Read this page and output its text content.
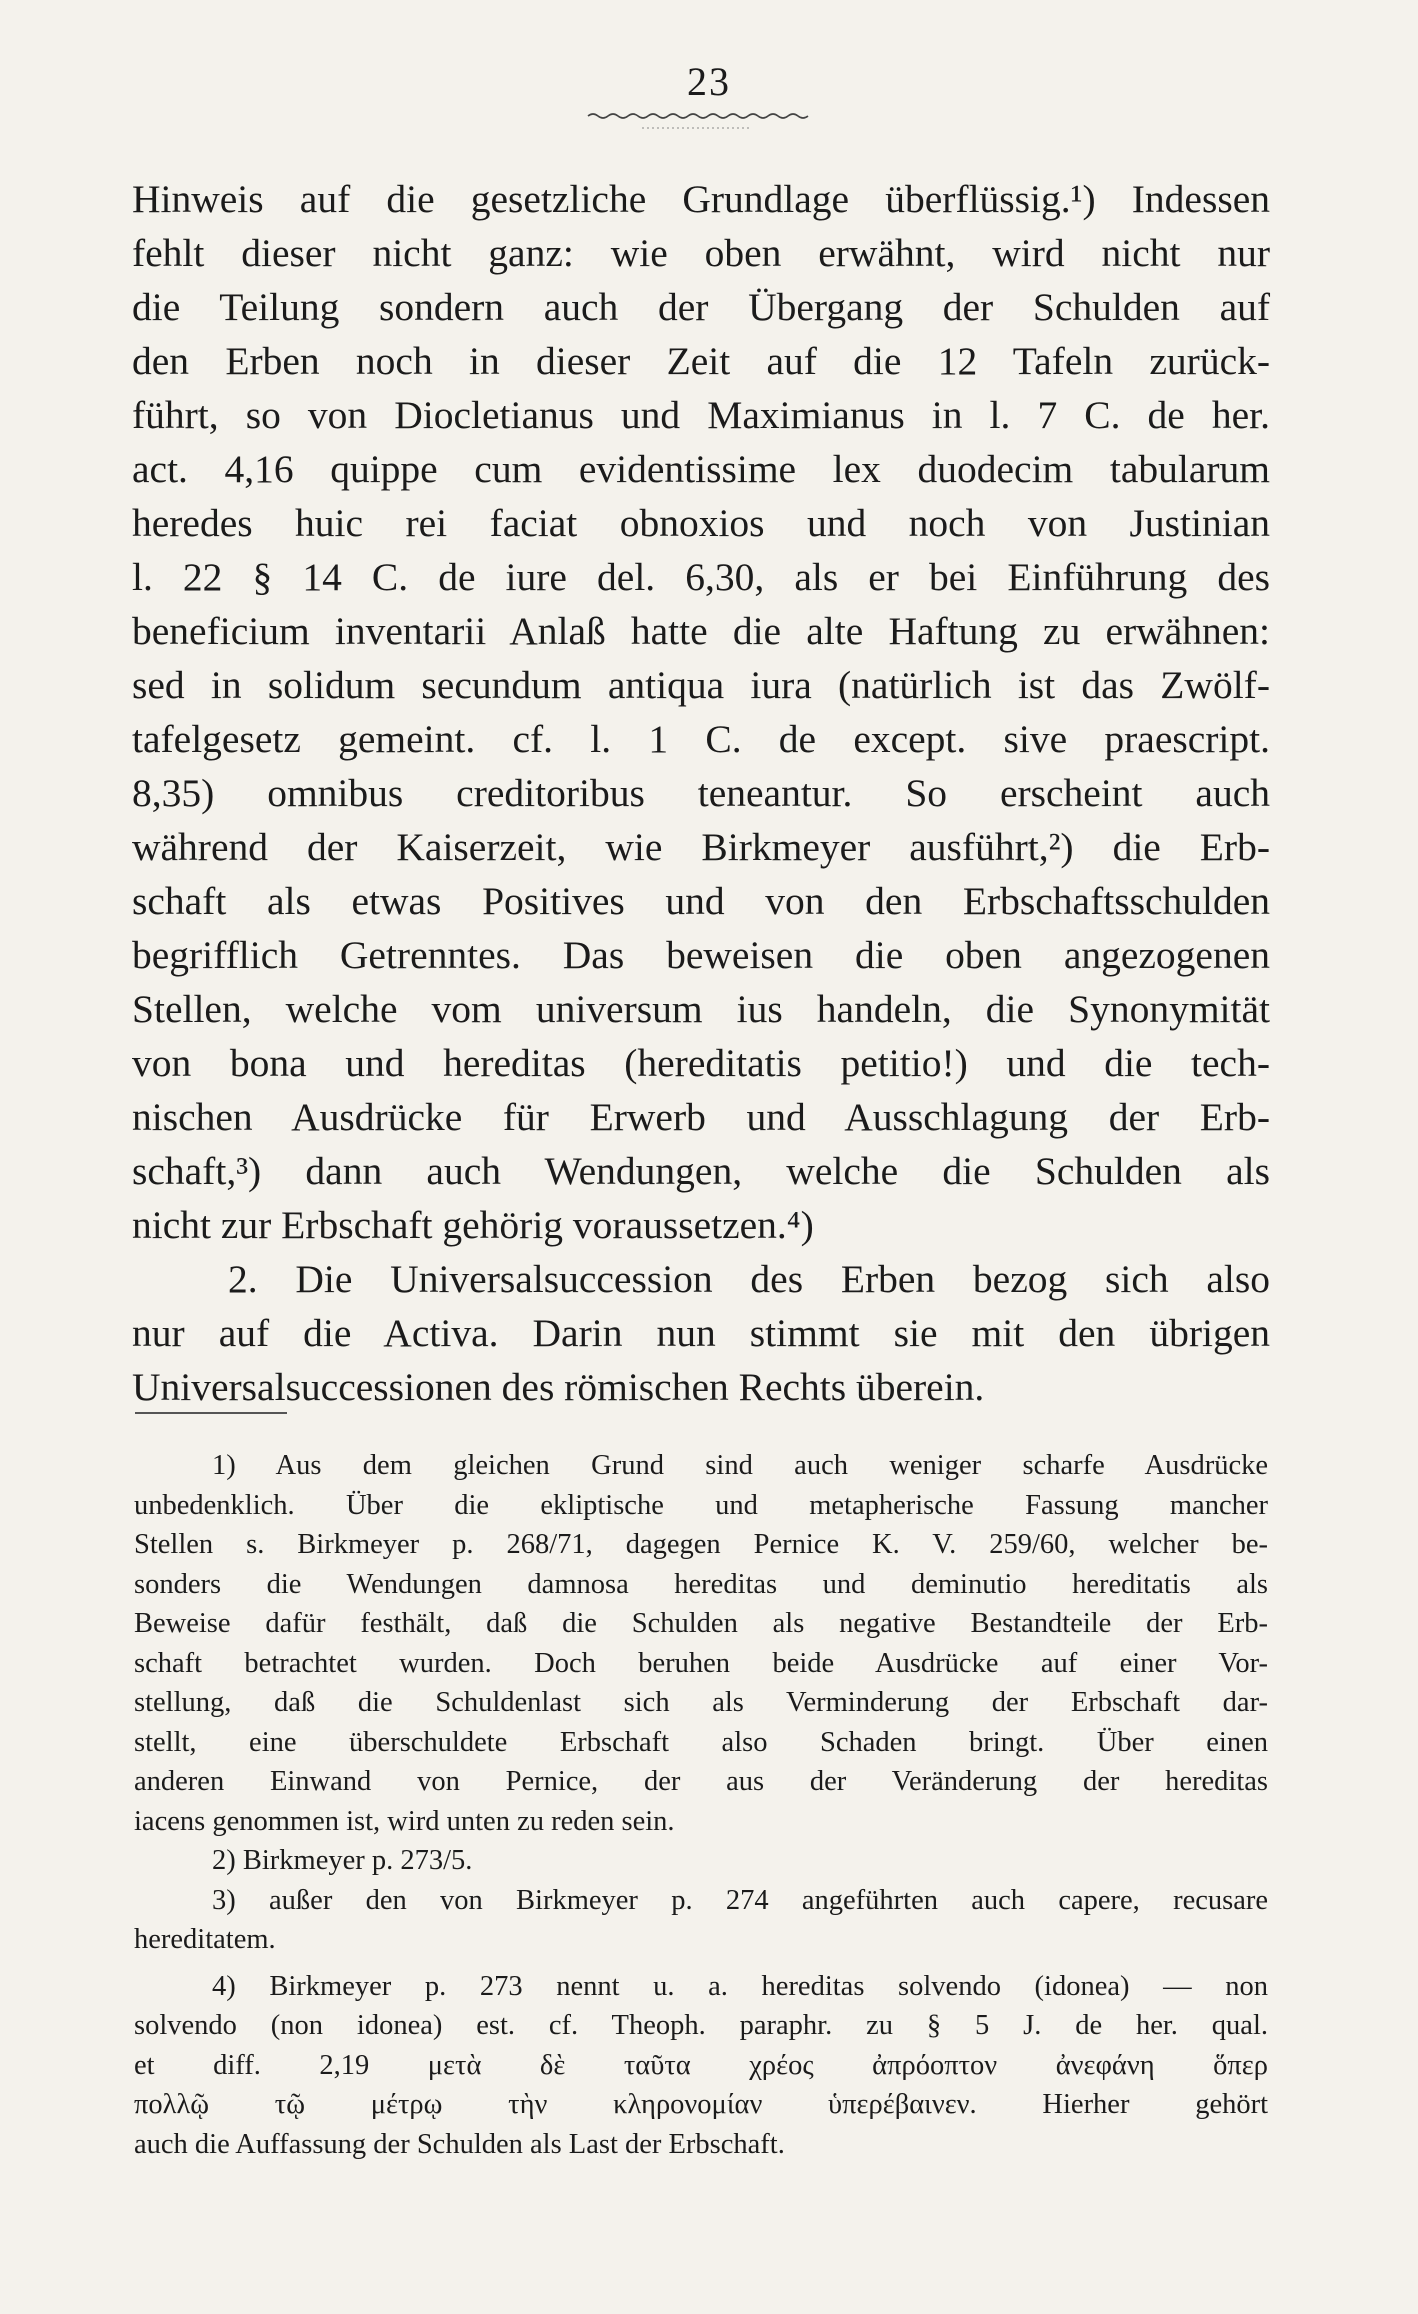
23

Hinweis auf die gesetzliche Grundlage überflüssig.¹) Indessen

fehlt dieser nicht ganz: wie oben erwähnt, wird nicht nur

die Teilung sondern auch der Übergang der Schulden auf

den Erben noch in dieser Zeit auf die 12 Tafeln zurück-

führt, so von Diocletianus und Maximianus in l. 7 C. de her.

act. 4,16 quippe cum evidentissime lex duodecim tabularum

heredes huic rei faciat obnoxios und noch von Justinian

l. 22 § 14 C. de iure del. 6,30, als er bei Einführung des

beneficium inventarii Anlaß hatte die alte Haftung zu erwähnen:

sed in solidum secundum antiqua iura (natürlich ist das Zwölf-

tafelgesetz gemeint. cf. l. 1 C. de except. sive praescript.

8,35) omnibus creditoribus teneantur. So erscheint auch

während der Kaiserzeit, wie Birkmeyer ausführt,²) die Erb-

schaft als etwas Positives und von den Erbschaftsschulden

begrifflich Getrenntes. Das beweisen die oben angezogenen

Stellen, welche vom universum ius handeln, die Synonymität

von bona und hereditas (hereditatis petitio!) und die tech-

nischen Ausdrücke für Erwerb und Ausschlagung der Erb-

schaft,³) dann auch Wendungen, welche die Schulden als

nicht zur Erbschaft gehörig voraussetzen.⁴)

2. Die Universalsuccession des Erben bezog sich also

nur auf die Activa. Darin nun stimmt sie mit den übrigen

Universalsuccessionen des römischen Rechts überein.

1) Aus dem gleichen Grund sind auch weniger scharfe Ausdrücke

unbedenklich. Über die ekliptische und metapherische Fassung mancher

Stellen s. Birkmeyer p. 268/71, dagegen Pernice K. V. 259/60, welcher be-

sonders die Wendungen damnosa hereditas und deminutio hereditatis als

Beweise dafür festhält, daß die Schulden als negative Bestandteile der Erb-

schaft betrachtet wurden. Doch beruhen beide Ausdrücke auf einer Vor-

stellung, daß die Schuldenlast sich als Verminderung der Erbschaft dar-

stellt, eine überschuldete Erbschaft also Schaden bringt. Über einen

anderen Einwand von Pernice, der aus der Veränderung der hereditas

iacens genommen ist, wird unten zu reden sein.

2) Birkmeyer p. 273/5.

3) außer den von Birkmeyer p. 274 angeführten auch capere, recusare

hereditatem.

4) Birkmeyer p. 273 nennt u. a. hereditas solvendo (idonea) — non

solvendo (non idonea) est. cf. Theoph. paraphr. zu § 5 J. de her. qual.

et diff. 2,19 μετὰ δὲ ταῦτα χρέος ἀπρόοπτον ἀνεφάνη ὅπερ

πολλῷ τῷ μέτρῳ τὴν κληρονομίαν ὑπερέβαινεν. Hierher gehört

auch die Auffassung der Schulden als Last der Erbschaft.
